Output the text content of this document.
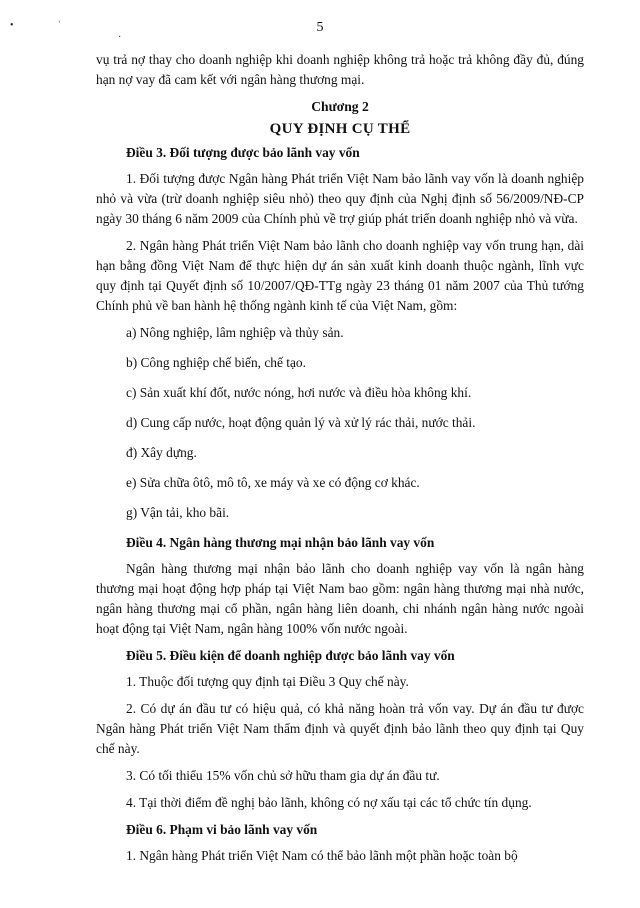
•	ˈ
·
5

vụ trả nợ thay cho doanh nghiệp khi doanh nghiệp không trả hoặc trả không đầy đủ, đúng hạn nợ vay đã cam kết với ngân hàng thương mại.

Chương 2

QUY ĐỊNH CỤ THỂ

Điều 3. Đối tượng được bảo lãnh vay vốn

1. Đối tượng được Ngân hàng Phát triển Việt Nam bảo lãnh vay vốn là doanh nghiệp nhỏ và vừa (trừ doanh nghiệp siêu nhỏ) theo quy định của Nghị định số 56/2009/NĐ-CP ngày 30 tháng 6 năm 2009 của Chính phủ về trợ giúp phát triển doanh nghiệp nhỏ và vừa.

2. Ngân hàng Phát triển Việt Nam bảo lãnh cho doanh nghiệp vay vốn trung hạn, dài hạn bằng đồng Việt Nam để thực hiện dự án sản xuất kinh doanh thuộc ngành, lĩnh vực quy định tại Quyết định số 10/2007/QĐ-TTg ngày 23 tháng 01 năm 2007 của Thủ tướng Chính phủ về ban hành hệ thống ngành kinh tế của Việt Nam, gồm:

a) Nông nghiệp, lâm nghiệp và thủy sản.

b) Công nghiệp chế biến, chế tạo.

c) Sản xuất khí đốt, nước nóng, hơi nước và điều hòa không khí.

d) Cung cấp nước, hoạt động quản lý và xử lý rác thải, nước thải.

đ) Xây dựng.

e) Sửa chữa ôtô, mô tô, xe máy và xe có động cơ khác.

g) Vận tải, kho bãi.

Điều 4. Ngân hàng thương mại nhận bảo lãnh vay vốn

Ngân hàng thương mại nhận bảo lãnh cho doanh nghiệp vay vốn là ngân hàng thương mại hoạt động hợp pháp tại Việt Nam bao gồm: ngân hàng thương mại nhà nước, ngân hàng thương mại cổ phần, ngân hàng liên doanh, chi nhánh ngân hàng nước ngoài hoạt động tại Việt Nam, ngân hàng 100% vốn nước ngoài.

Điều 5. Điều kiện để doanh nghiệp được bảo lãnh vay vốn

1. Thuộc đối tượng quy định tại Điều 3 Quy chế này.

2. Có dự án đầu tư có hiệu quả, có khả năng hoàn trả vốn vay. Dự án đầu tư được Ngân hàng Phát triển Việt Nam thẩm định và quyết định bảo lãnh theo quy định tại Quy chế này.

3. Có tối thiểu 15% vốn chủ sở hữu tham gia dự án đầu tư.

4. Tại thời điểm đề nghị bảo lãnh, không có nợ xấu tại các tổ chức tín dụng.

Điều 6. Phạm vi bảo lãnh vay vốn

1. Ngân hàng Phát triển Việt Nam có thể bảo lãnh một phần hoặc toàn bộ
